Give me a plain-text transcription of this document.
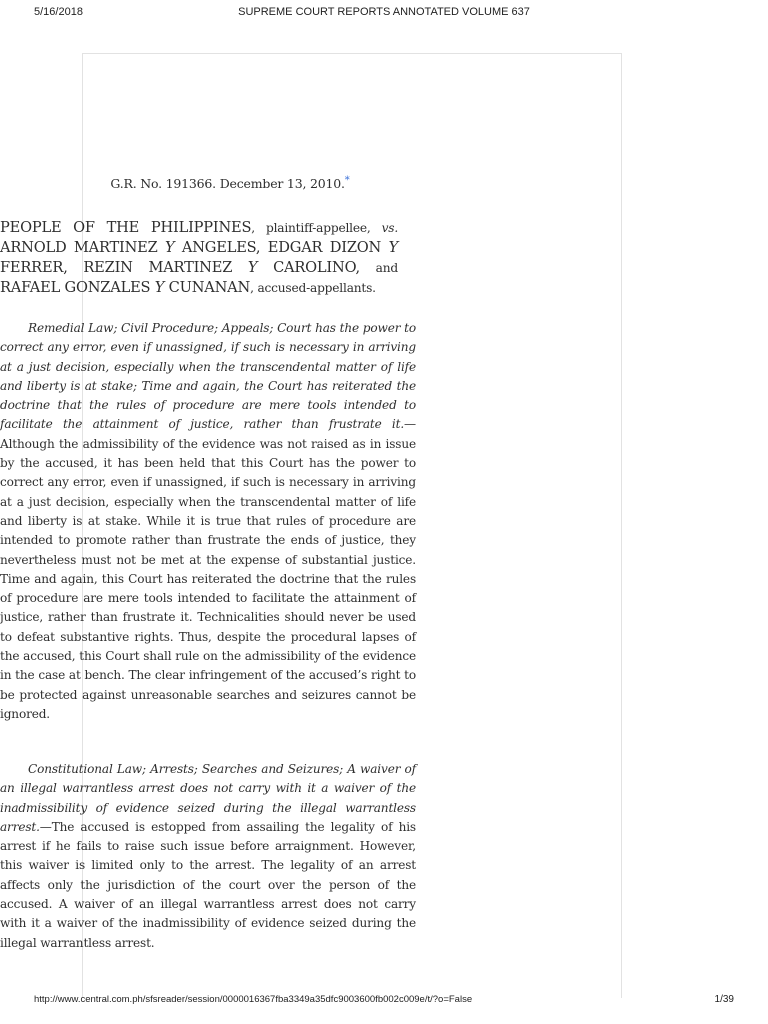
5/16/2018	SUPREME COURT REPORTS ANNOTATED VOLUME 637
G.R. No. 191366. December 13, 2010.*
PEOPLE OF THE PHILIPPINES, plaintiff-appellee, vs. ARNOLD MARTINEZ Y ANGELES, EDGAR DIZON Y FERRER, REZIN MARTINEZ Y CAROLINO, and RAFAEL GONZALES Y CUNANAN, accused-appellants.

Remedial Law; Civil Procedure; Appeals; Court has the power to correct any error, even if unassigned, if such is necessary in arriving at a just decision, especially when the transcendental matter of life and liberty is at stake; Time and again, the Court has reiterated the doctrine that the rules of procedure are mere tools intended to facilitate the attainment of justice, rather than frustrate it.—Although the admissibility of the evidence was not raised as in issue by the accused, it has been held that this Court has the power to correct any error, even if unassigned, if such is necessary in arriving at a just decision, especially when the transcendental matter of life and liberty is at stake. While it is true that rules of procedure are intended to promote rather than frustrate the ends of justice, they nevertheless must not be met at the expense of substantial justice. Time and again, this Court has reiterated the doctrine that the rules of procedure are mere tools intended to facilitate the attainment of justice, rather than frustrate it. Technicalities should never be used to defeat substantive rights. Thus, despite the procedural lapses of the accused, this Court shall rule on the admissibility of the evidence in the case at bench. The clear infringement of the accused’s right to be protected against unreasonable searches and seizures cannot be ignored.

Constitutional Law; Arrests; Searches and Seizures; A waiver of an illegal warrantless arrest does not carry with it a waiver of the inadmissibility of evidence seized during the illegal warrantless arrest.—The accused is estopped from assailing the legality of his arrest if he fails to raise such issue before arraignment. However, this waiver is limited only to the arrest. The legality of an arrest affects only the jurisdiction of the court over the person of the accused. A waiver of an illegal warrantless arrest does not carry with it a waiver of the inadmissibility of evidence seized during the illegal warrantless arrest.

http://www.central.com.ph/sfsreader/session/0000016367fba3349a35dfc9003600fb002c009e/t/?o=False	1/39
